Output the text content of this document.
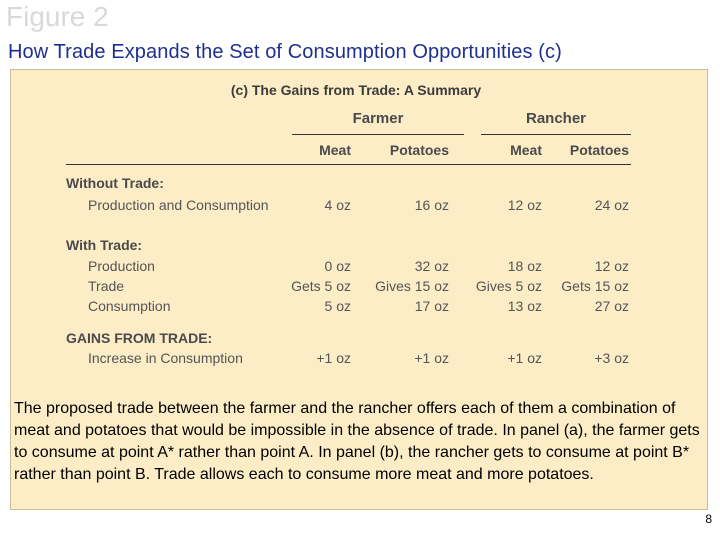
Figure 2
How Trade Expands the Set of Consumption Opportunities (c)
(c) The Gains from Trade: A Summary
Farmer	Rancher
Meat	Potatoes	Meat	Potatoes
Without Trade:
Production and Consumption	4 oz	16 oz	12 oz	24 oz
With Trade:
Production	0 oz	32 oz	18 oz	12 oz
Trade	Gets 5 oz	Gives 15 oz	Gives 5 oz	Gets 15 oz
Consumption	5 oz	17 oz	13 oz	27 oz
GAINS FROM TRADE:
Increase in Consumption	+1 oz	+1 oz	+1 oz	+3 oz
The proposed trade between the farmer and the rancher offers each of them a combination of meat and potatoes that would be impossible in the absence of trade. In panel (a), the farmer gets to consume at point A* rather than point A. In panel (b), the rancher gets to consume at point B* rather than point B. Trade allows each to consume more meat and more potatoes.
8
